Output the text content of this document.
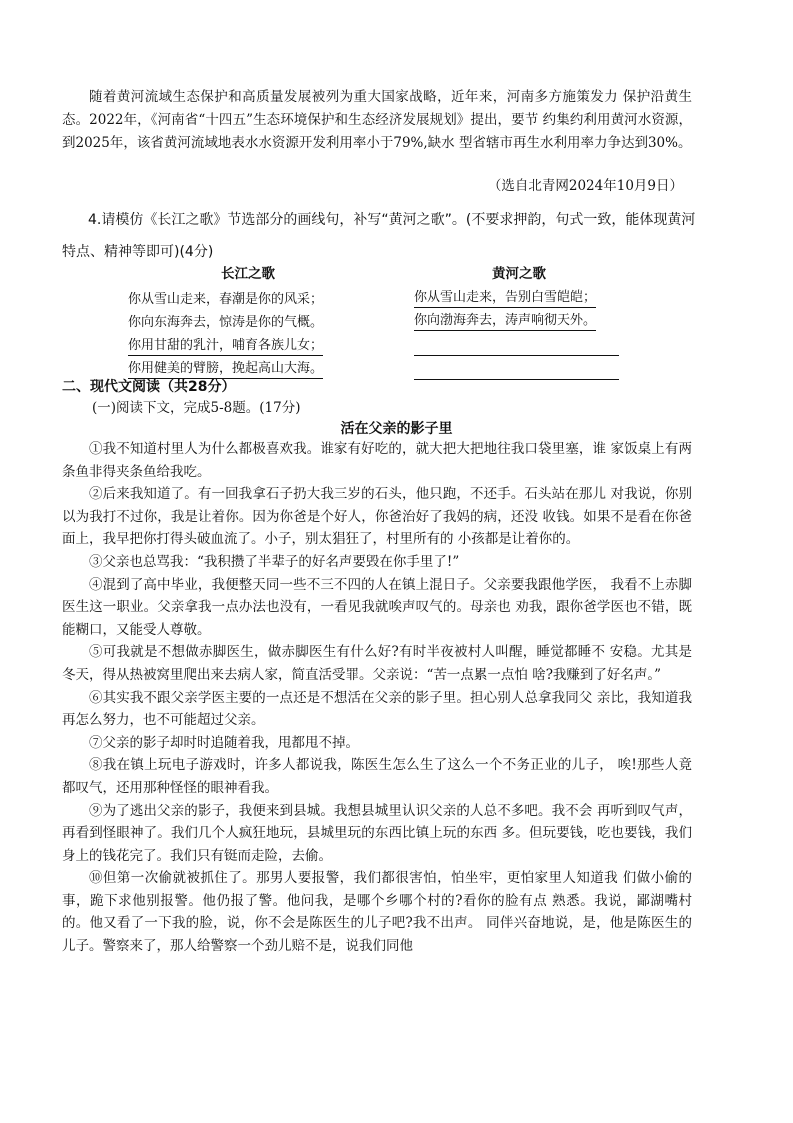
随着黄河流域生态保护和高质量发展被列为重大国家战略，近年来，河南多方施策发力 保护沿黄生态。2022年，《河南省“十四五”生态环境保护和生态经济发展规划》提出，要节 约集约利用黄河水资源，到2025年，该省黄河流域地表水水资源开发利用率小于79%,缺水 型省辖市再生水利用率力争达到30%。

（选自北青网2024年10月9日）

4.请模仿《长江之歌》节选部分的画线句，补写“黄河之歌”。(不要求押韵，句式一致，能体现黄河特点、精神等即可)(4分)

长江之歌
你从雪山走来，春潮是你的风采；
你向东海奔去，惊涛是你的气概。
你用甘甜的乳汁，哺育各族儿女；
你用健美的臂膀，挽起高山大海。
黄河之歌
你从雪山走来，告别白雪皑皑；
你向渤海奔去，涛声响彻天外。

二、现代文阅读（共28分）

(一)阅读下文，完成5-8题。(17分)

活在父亲的影子里

①我不知道村里人为什么都极喜欢我。谁家有好吃的，就大把大把地往我口袋里塞，谁 家饭桌上有两条鱼非得夹条鱼给我吃。

②后来我知道了。有一回我拿石子扔大我三岁的石头，他只跑，不还手。石头站在那儿 对我说，你别以为我打不过你，我是让着你。因为你爸是个好人，你爸治好了我妈的病，还没 收钱。如果不是看在你爸面上，我早把你打得头破血流了。小子，别太猖狂了，村里所有的 小孩都是让着你的。

③父亲也总骂我：“我积攒了半辈子的好名声要毁在你手里了!”

④混到了高中毕业，我便整天同一些不三不四的人在镇上混日子。父亲要我跟他学医， 我看不上赤脚医生这一职业。父亲拿我一点办法也没有，一看见我就唉声叹气的。母亲也 劝我，跟你爸学医也不错，既能糊口，又能受人尊敬。

⑤可我就是不想做赤脚医生，做赤脚医生有什么好?有时半夜被村人叫醒，睡觉都睡不 安稳。尤其是冬天，得从热被窝里爬出来去病人家，简直活受罪。父亲说：“苦一点累一点怕 啥?我赚到了好名声。”

⑥其实我不跟父亲学医主要的一点还是不想活在父亲的影子里。担心别人总拿我同父 亲比，我知道我再怎么努力，也不可能超过父亲。

⑦父亲的影子却时时追随着我，甩都甩不掉。

⑧我在镇上玩电子游戏时，许多人都说我，陈医生怎么生了这么一个不务正业的儿子， 唉!那些人竟都叹气，还用那种怪怪的眼神看我。

⑨为了逃出父亲的影子，我便来到县城。我想县城里认识父亲的人总不多吧。我不会 再听到叹气声，再看到怪眼神了。我们几个人疯狂地玩，县城里玩的东西比镇上玩的东西 多。但玩要钱，吃也要钱，我们身上的钱花完了。我们只有铤而走险，去偷。

⑩但第一次偷就被抓住了。那男人要报警，我们都很害怕，怕坐牢，更怕家里人知道我 们做小偷的事，跪下求他别报警。他仍报了警。他问我，是哪个乡哪个村的?看你的脸有点 熟悉。我说，鄙湖嘴村的。他又看了一下我的脸，说，你不会是陈医生的儿子吧?我不出声。 同伴兴奋地说，是，他是陈医生的儿子。警察来了，那人给警察一个劲儿赔不是，说我们同他
